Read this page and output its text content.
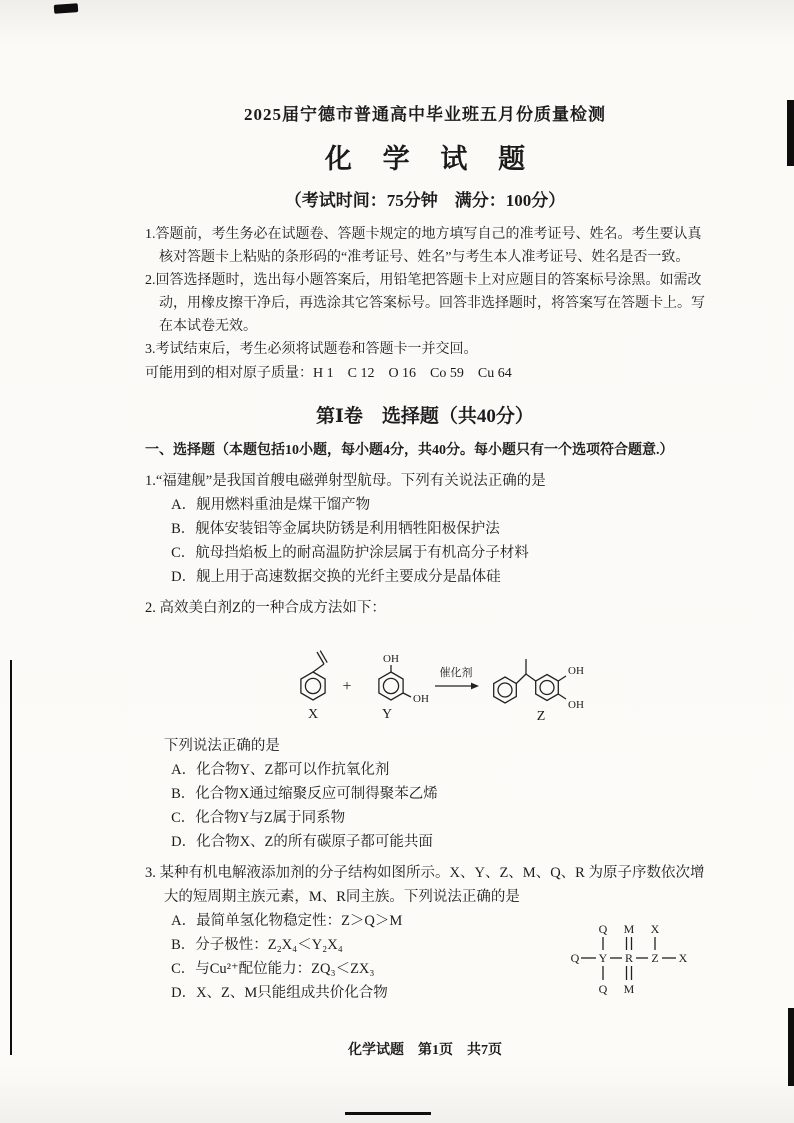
2025届宁德市普通高中毕业班五月份质量检测
化 学 试 题
（考试时间：75分钟　满分：100分）

1.答题前，考生务必在试题卷、答题卡规定的地方填写自己的准考证号、姓名。考生要认真核对答题卡上粘贴的条形码的“准考证号、姓名”与考生本人准考证号、姓名是否一致。

2.回答选择题时，选出每小题答案后，用铅笔把答题卡上对应题目的答案标号涂黑。如需改动，用橡皮擦干净后，再选涂其它答案标号。回答非选择题时，将答案写在答题卡上。写在本试卷无效。

3.考试结束后，考生必须将试题卷和答题卡一并交回。

可能用到的相对原子质量：H 1　C 12　O 16　Co 59　Cu 64

第Ⅰ卷　选择题（共40分）
一、选择题（本题包括10小题，每小题4分，共40分。每小题只有一个选项符合题意.）

1.“福建舰”是我国首艘电磁弹射型航母。下列有关说法正确的是

A．舰用燃料重油是煤干馏产物

B．舰体安装铝等金属块防锈是利用牺牲阳极保护法

C．航母挡焰板上的耐高温防护涂层属于有机高分子材料

D．舰上用于高速数据交换的光纤主要成分是晶体硅

2. 高效美白剂Z的一种合成方法如下：

X
+
OH
OH
Y
催化剂	OH
OH
Z

下列说法正确的是

A．化合物Y、Z都可以作抗氧化剂

B．化合物X通过缩聚反应可制得聚苯乙烯

C．化合物Y与Z属于同系物

D．化合物X、Z的所有碳原子都可能共面

3. 某种有机电解液添加剂的分子结构如图所示。X、Y、Z、M、Q、R 为原子序数依次增大的短周期主族元素，M、R同主族。下列说法正确的是

A．最简单氢化物稳定性：Z＞Q＞M

B．分子极性：Z₂X₄＜Y₂X₄

C．与Cu²⁺配位能力：ZQ₃＜ZX₃

D．X、Z、M只能组成共价化合物

Q M X
Q Y R Z X
Q M
化学试题　第1页　共7页
